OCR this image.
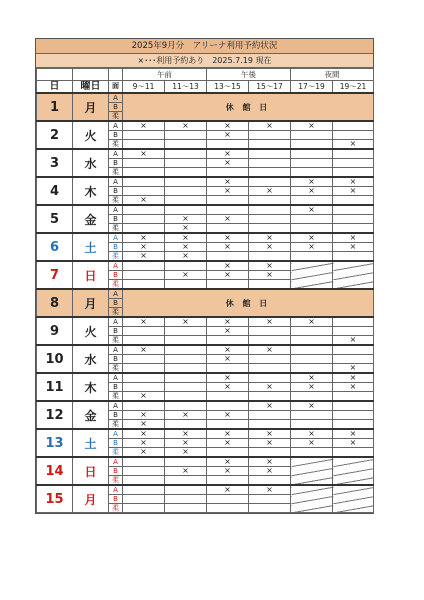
2025年9月分　アリーナ利用予約状況
×･･･利用予約あり　2025.7.19 現在
			午前		午後		夜間	
日	曜日	面	9～11	11～13	13～15	15～17	17～19	19～21
1	月	A	休 館 日					
		B						
		柔						
2	火	A	×	×	×	×	×	
		B			×			
		柔						×
3	水	A	×		×			
		B			×			
		柔						
4	木	A			×		×	×
		B			×	×	×	×
		柔	×					
5	金	A					×	
		B		×	×			
		柔		×				
6	土	A	×	×	×	×	×	×
		B	×	×	×	×	×	×
		柔	×	×				
7	日	A			×	×		
		B		×	×	×		
		柔						
8	月	A	休 館 日					
		B						
		柔						
9	火	A	×	×	×	×	×	
		B			×			
		柔						×
10	水	A	×		×	×		
		B			×			
		柔						×
11	木	A			×		×	×
		B			×	×	×	×
		柔	×					
12	金	A				×	×	
		B	×	×	×			
		柔	×					
13	土	A	×	×	×	×	×	×
		B	×	×	×	×	×	×
		柔	×	×				
14	日	A			×	×		
		B		×	×	×		
		柔						
15	月	A			×	×		
		B						
		柔						
